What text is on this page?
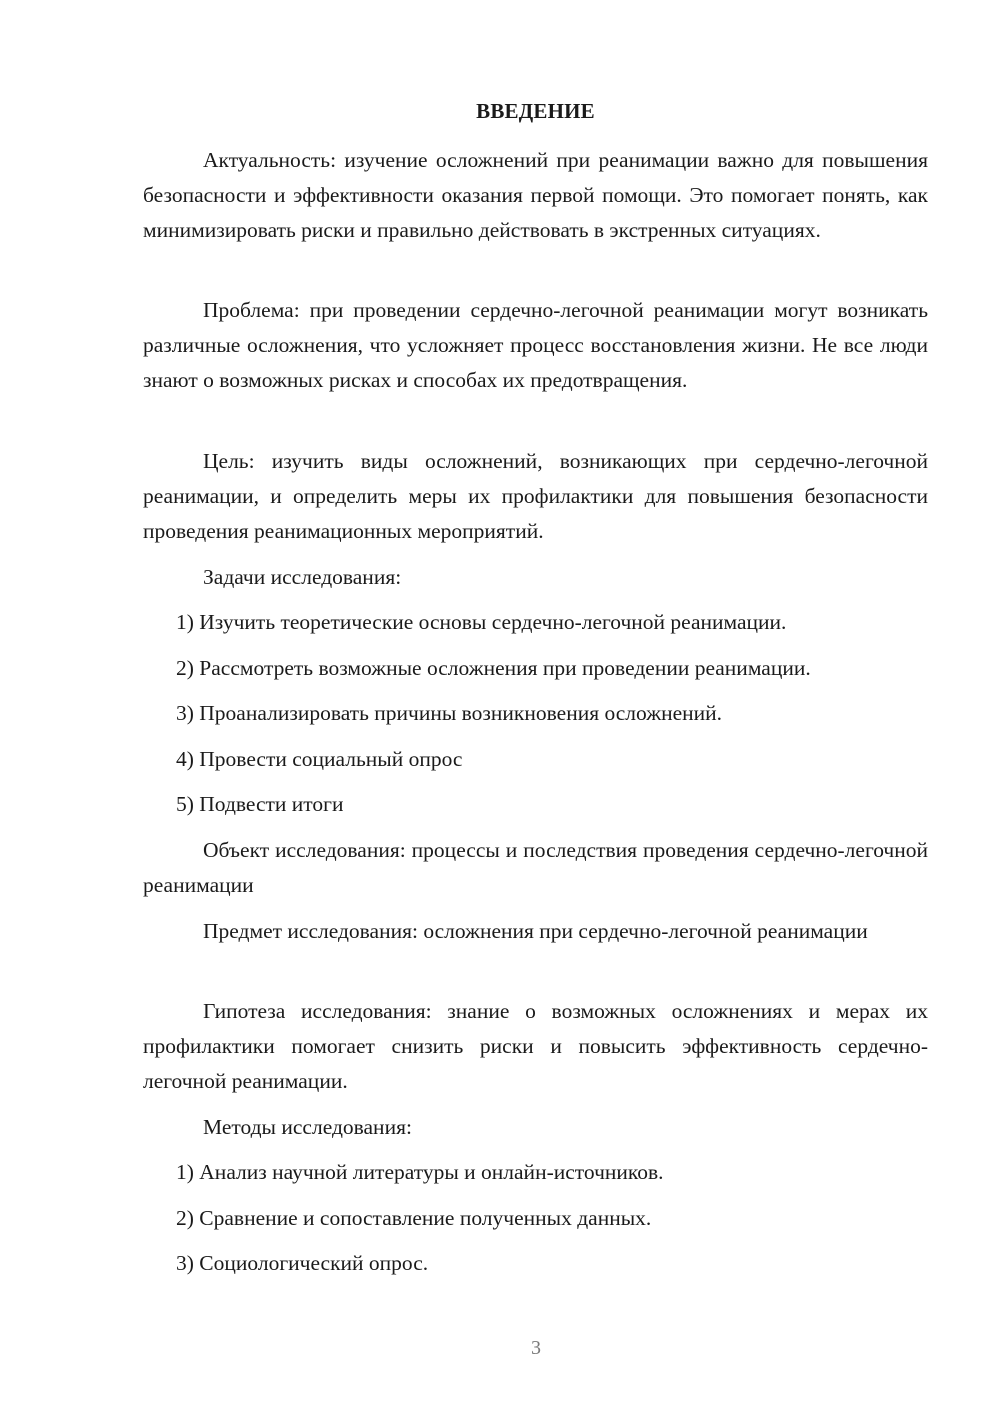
ВВЕДЕНИЕ

Актуальность: изучение осложнений при реанимации важно для повышения безопасности и эффективности оказания первой помощи. Это помогает понять, как минимизировать риски и правильно действовать в экстренных ситуациях.

Проблема: при проведении сердечно-легочной реанимации могут возникать различные осложнения, что усложняет процесс восстановления жизни. Не все люди знают о возможных рисках и способах их предотвращения.

Цель: изучить виды осложнений, возникающих при сердечно-легочной реанимации, и определить меры их профилактики для повышения безопасности проведения реанимационных мероприятий.

Задачи исследования:

1) Изучить теоретические основы сердечно-легочной реанимации.

2) Рассмотреть возможные осложнения при проведении реанимации.

3) Проанализировать причины возникновения осложнений.

4) Провести социальный опрос

5) Подвести итоги

Объект исследования: процессы и последствия проведения сердечно-легочной реанимации

Предмет исследования: осложнения при сердечно-легочной реанимации

Гипотеза исследования: знание о возможных осложнениях и мерах их профилактики помогает снизить риски и повысить эффективность сердечно-легочной реанимации.

Методы исследования:

1) Анализ научной литературы и онлайн-источников.

2) Сравнение и сопоставление полученных данных.

3) Социологический опрос.

3
